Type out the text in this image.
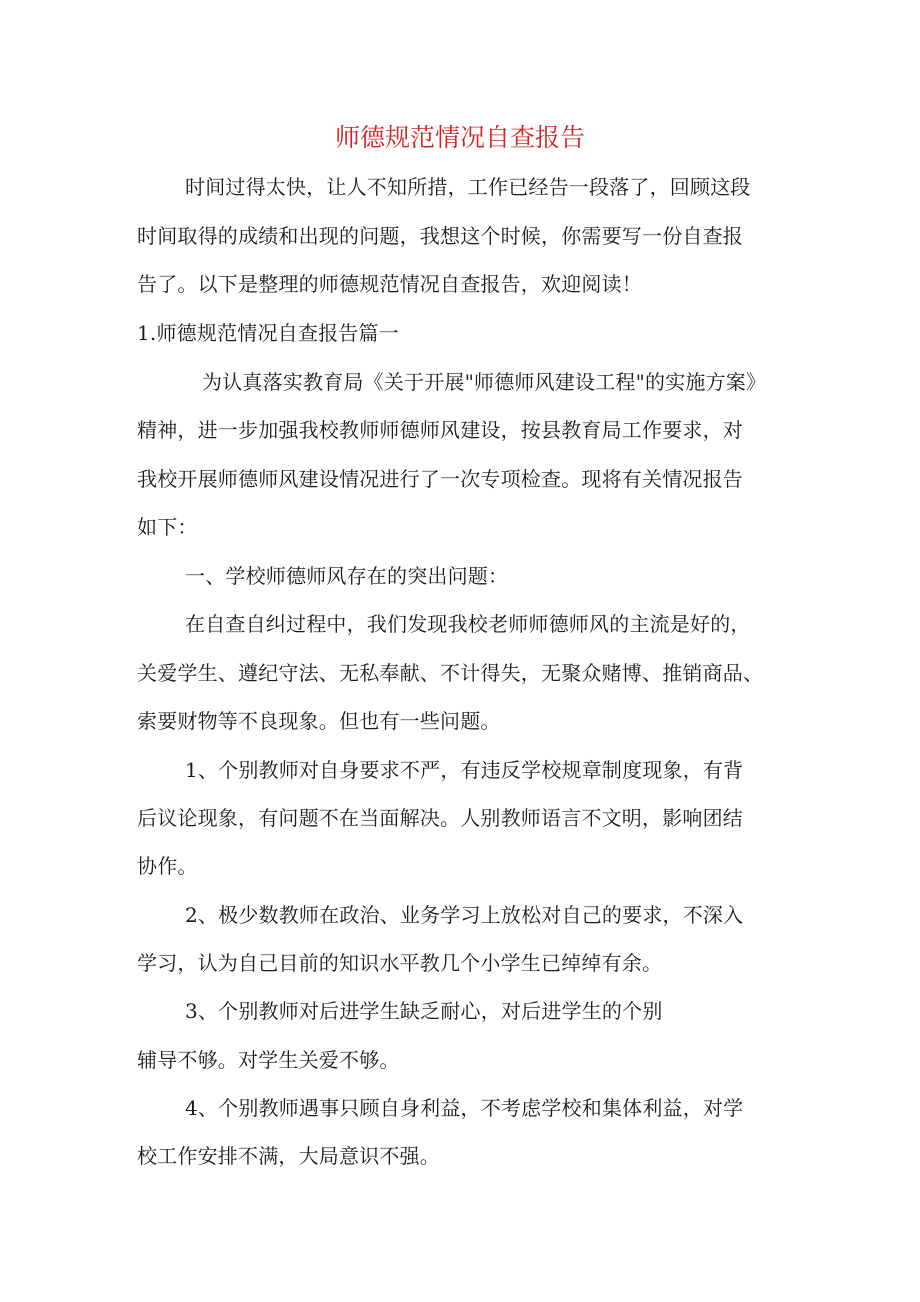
师德规范情况自查报告
时间过得太快，让人不知所措，工作已经告一段落了，回顾这段
时间取得的成绩和出现的问题，我想这个时候，你需要写一份自查报
告了。以下是整理的师德规范情况自查报告，欢迎阅读！
1.师德规范情况自查报告篇一
为认真落实教育局《关于开展"师德师风建设工程"的实施方案》
精神，进一步加强我校教师师德师风建设，按县教育局工作要求，对
我校开展师德师风建设情况进行了一次专项检查。现将有关情况报告
如下：
一、学校师德师风存在的突出问题：
在自查自纠过程中，我们发现我校老师师德师风的主流是好的，
关爱学生、遵纪守法、无私奉献、不计得失，无聚众赌博、推销商品、
索要财物等不良现象。但也有一些问题。
1、个别教师对自身要求不严，有违反学校规章制度现象，有背
后议论现象，有问题不在当面解决。人别教师语言不文明，影响团结
协作。
2、极少数教师在政治、业务学习上放松对自己的要求，不深入
学习，认为自己目前的知识水平教几个小学生已绰绰有余。
3、个别教师对后进学生缺乏耐心，对后进学生的个别
辅导不够。对学生关爱不够。
4、个别教师遇事只顾自身利益，不考虑学校和集体利益，对学
校工作安排不满，大局意识不强。
